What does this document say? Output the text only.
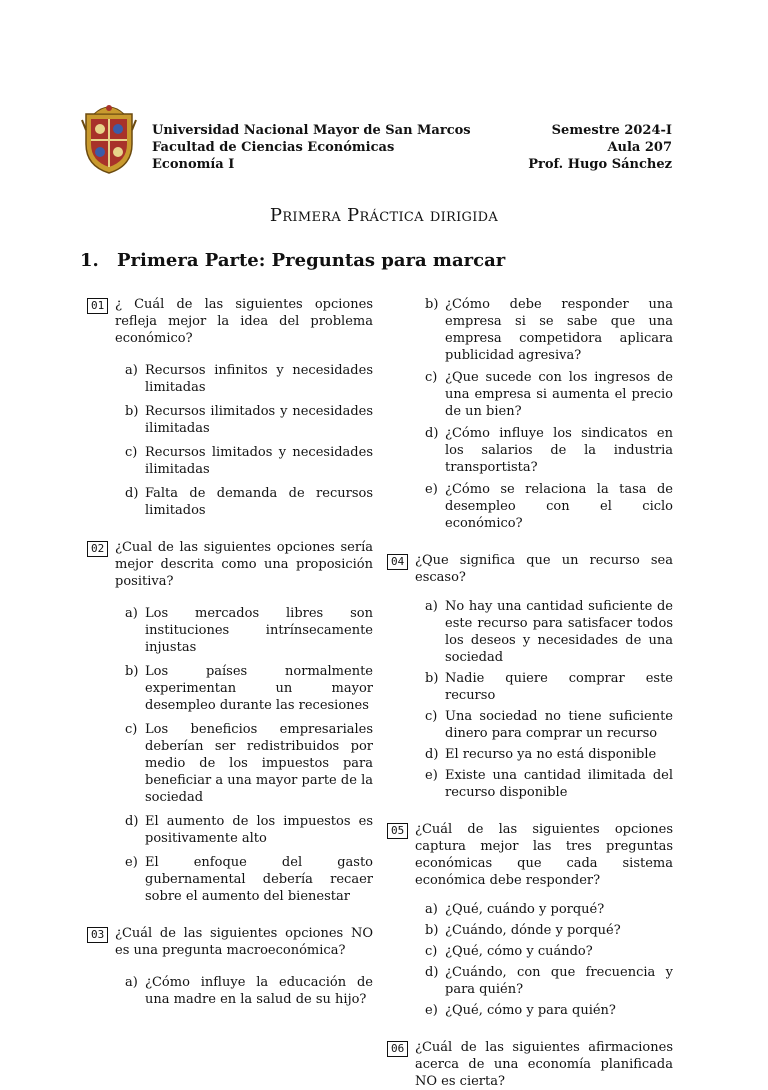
Universidad Nacional Mayor de San Marcos
Facultad de Ciencias Económicas
Economía I
Semestre 2024-I
Aula 207
Prof. Hugo Sánchez
Primera Práctica dirigida
1. Primera Parte: Preguntas para marcar
01 ¿ Cuál de las siguientes opciones refleja mejor la idea del problema económico?
a) Recursos infinitos y necesidades limitadas
b) Recursos ilimitados y necesidades ilimitadas
c) Recursos limitados y necesidades ilimitadas
d) Falta de demanda de recursos limitados
02 ¿Cual de las siguientes opciones sería mejor descrita como una proposición positiva?
a) Los mercados libres son instituciones intrínsecamente injustas
b) Los países normalmente experimentan un mayor desempleo durante las recesiones
c) Los beneficios empresariales deberían ser redistribuidos por medio de los impuestos para beneficiar a una mayor parte de la sociedad
d) El aumento de los impuestos es positivamente alto
e) El enfoque del gasto gubernamental debería recaer sobre el aumento del bienestar
03 ¿Cuál de las siguientes opciones NO es una pregunta macroeconómica?
a) ¿Cómo influye la educación de una madre en la salud de su hijo?
b) ¿Cómo debe responder una empresa si se sabe que una empresa competidora aplicara publicidad agresiva?
c) ¿Que sucede con los ingresos de una empresa si aumenta el precio de un bien?
d) ¿Cómo influye los sindicatos en los salarios de la industria transportista?
e) ¿Cómo se relaciona la tasa de desempleo con el ciclo económico?
04 ¿Que significa que un recurso sea escaso?
a) No hay una cantidad suficiente de este recurso para satisfacer todos los deseos y necesidades de una sociedad
b) Nadie quiere comprar este recurso
c) Una sociedad no tiene suficiente dinero para comprar un recurso
d) El recurso ya no está disponible
e) Existe una cantidad ilimitada del recurso disponible
05 ¿Cuál de las siguientes opciones captura mejor las tres preguntas económicas que cada sistema económica debe responder?
a) ¿Qué, cuándo y porqué?
b) ¿Cuándo, dónde y porqué?
c) ¿Qué, cómo y cuándo?
d) ¿Cuándo, con que frecuencia y para quién?
e) ¿Qué, cómo y para quién?
06 ¿Cuál de las siguientes afirmaciones acerca de una economía planificada NO es cierta?
